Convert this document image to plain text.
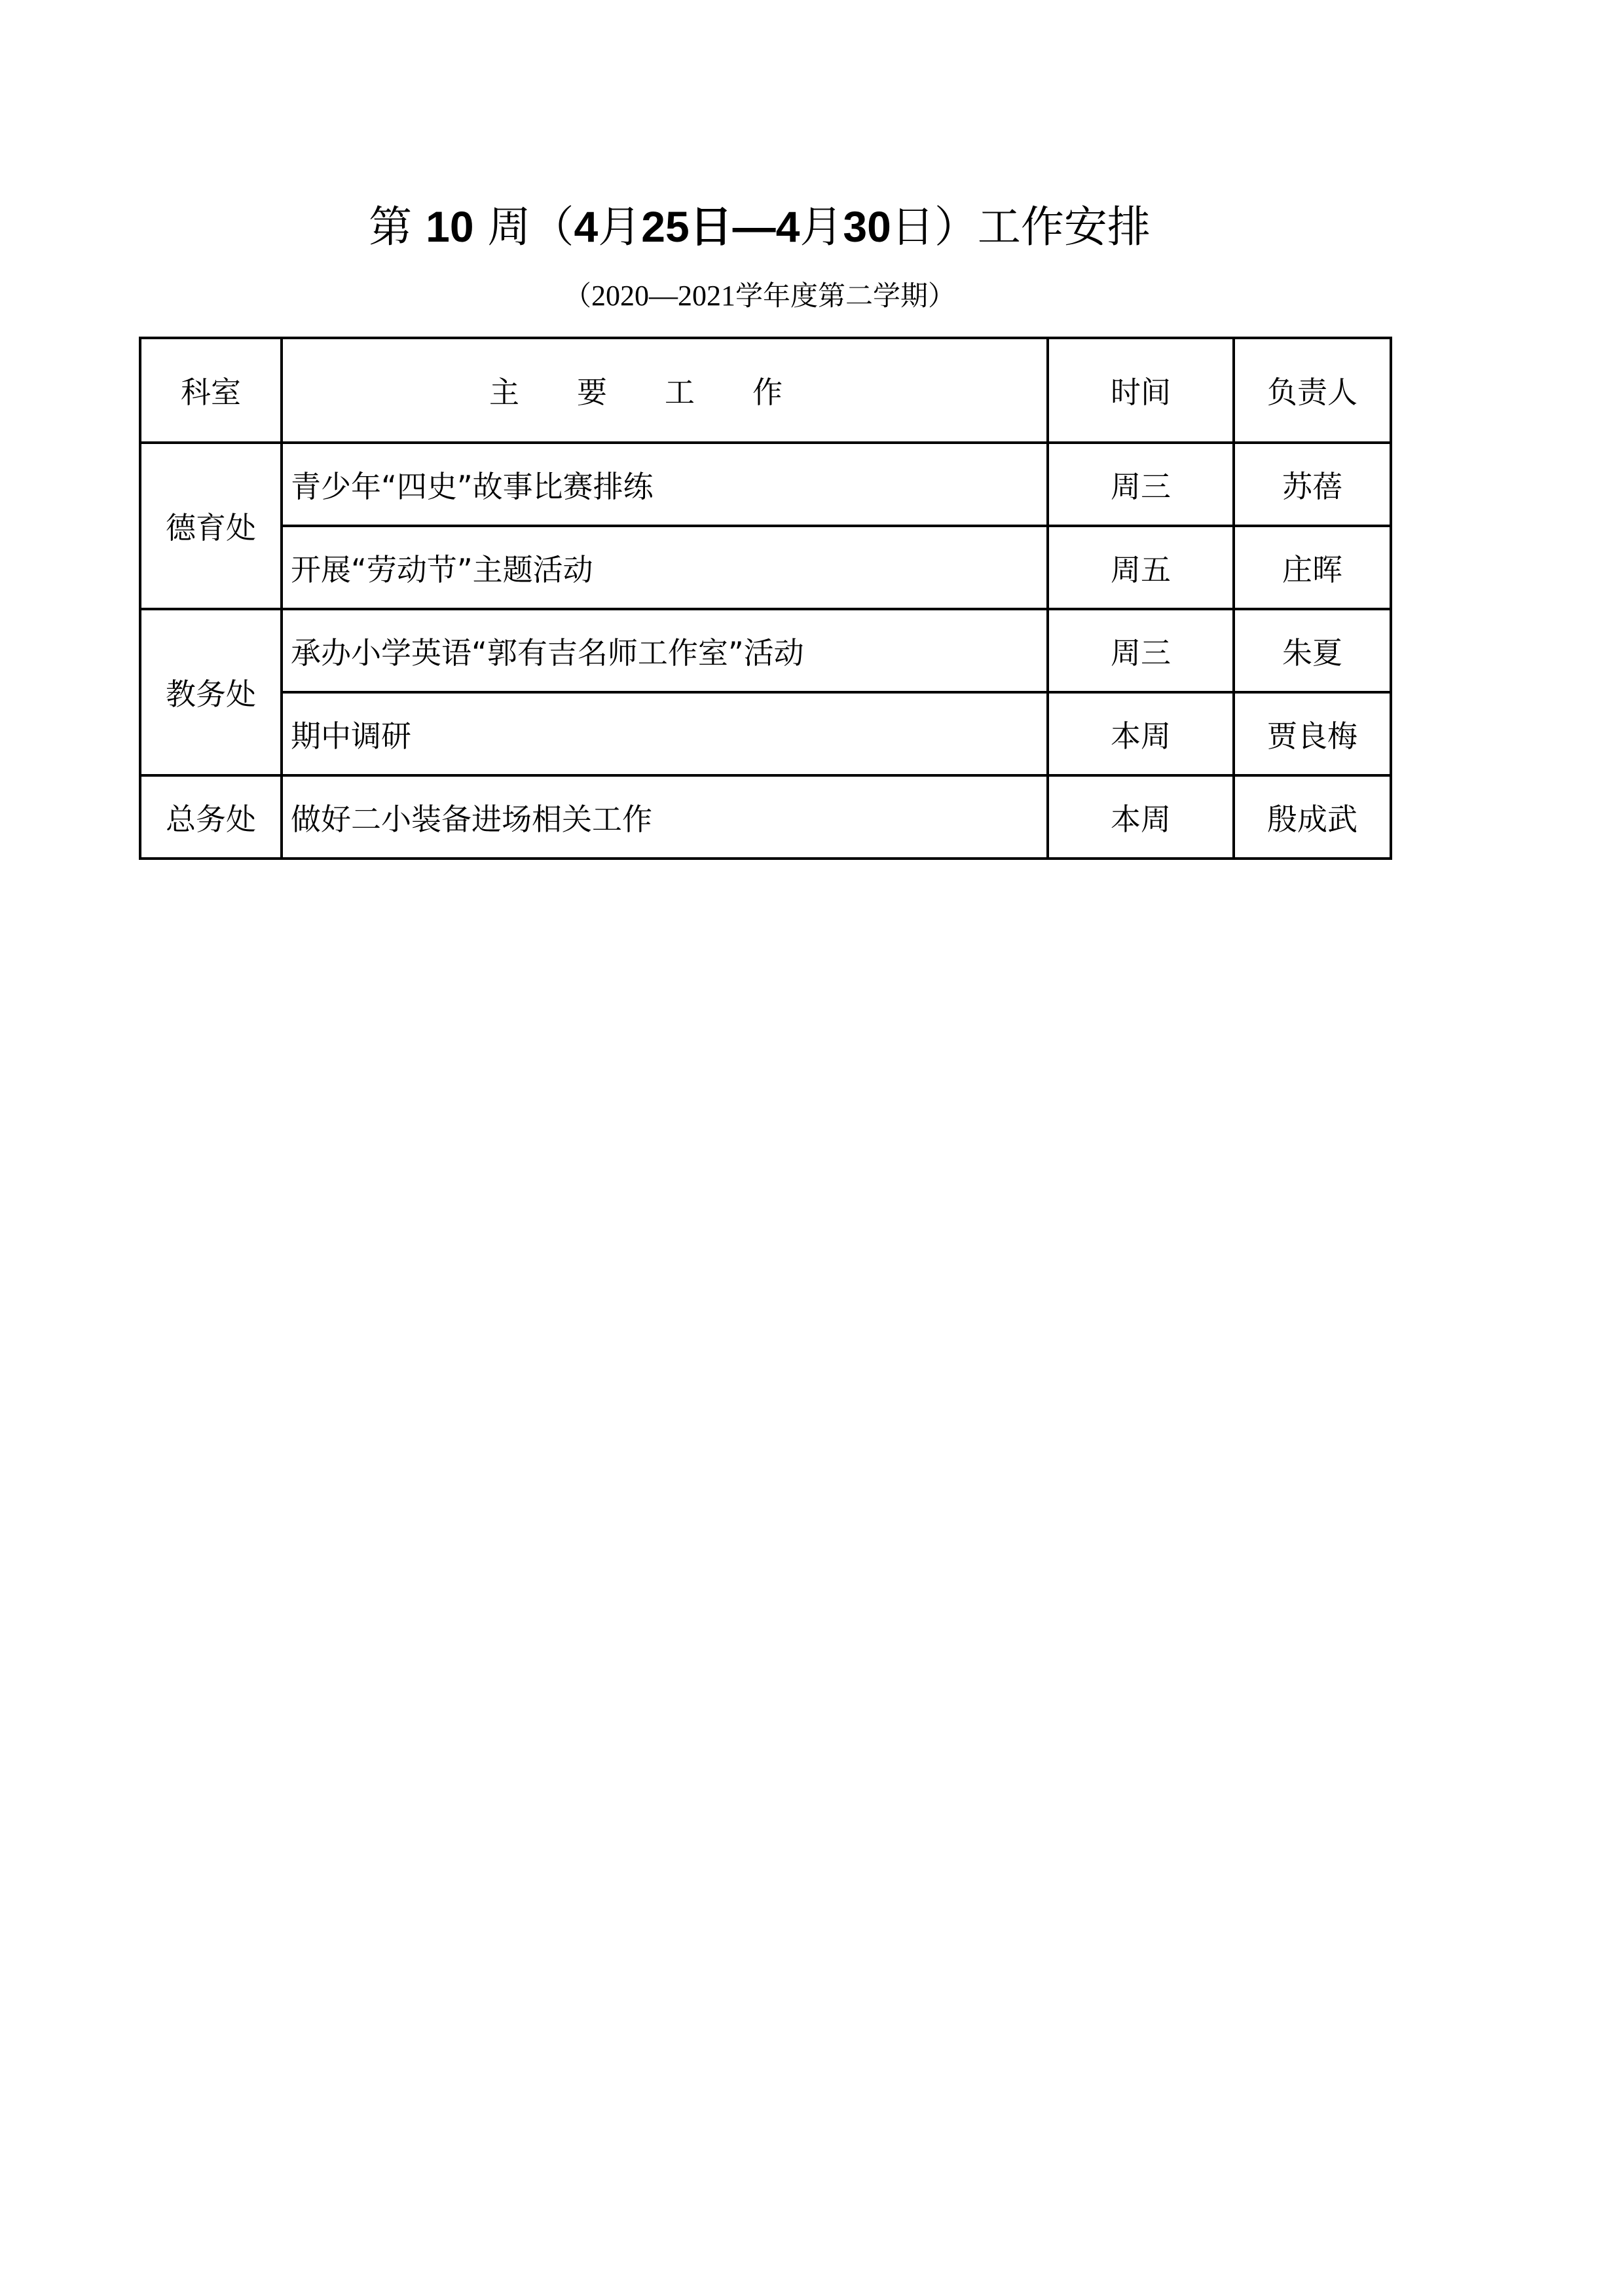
第 10 周（4月25日—4月30日）工作安排
（2020—2021学年度第二学期）
科室	主要工作	时间	负责人
德育处	青少年“四史”故事比赛排练	周三	苏蓓
	开展“劳动节”主题活动	周五	庄晖
教务处	承办小学英语“郭有吉名师工作室”活动	周三	朱夏
	期中调研	本周	贾良梅
总务处	做好二小装备进场相关工作	本周	殷成武
